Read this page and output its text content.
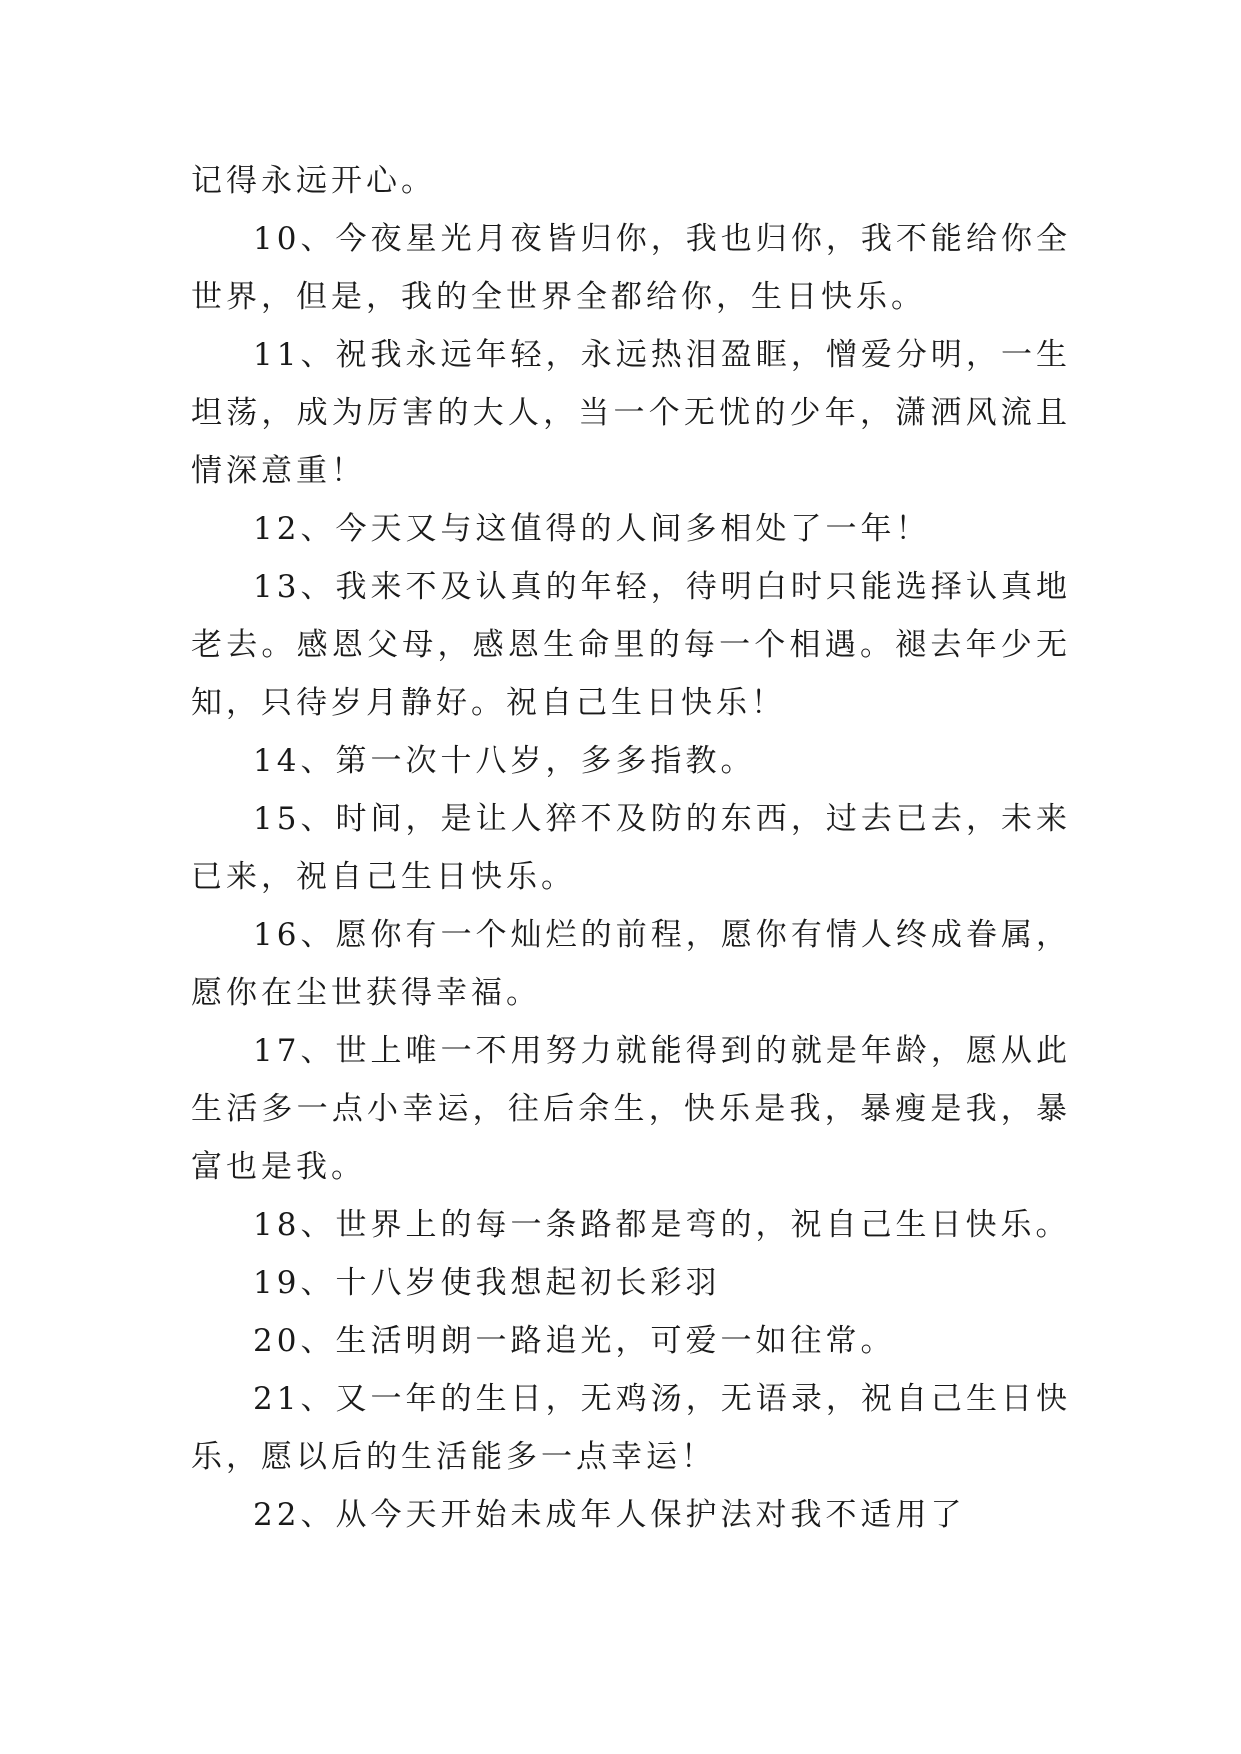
记得永远开心。

10、今夜星光月夜皆归你，我也归你，我不能给你全世界，但是，我的全世界全都给你，生日快乐。

11、祝我永远年轻，永远热泪盈眶，憎爱分明，一生坦荡，成为厉害的大人，当一个无忧的少年，潇洒风流且情深意重！

12、今天又与这值得的人间多相处了一年！

13、我来不及认真的年轻，待明白时只能选择认真地老去。感恩父母，感恩生命里的每一个相遇。褪去年少无知，只待岁月静好。祝自己生日快乐！

14、第一次十八岁，多多指教。

15、时间，是让人猝不及防的东西，过去已去，未来已来，祝自己生日快乐。

16、愿你有一个灿烂的前程，愿你有情人终成眷属，愿你在尘世获得幸福。

17、世上唯一不用努力就能得到的就是年龄，愿从此生活多一点小幸运，往后余生，快乐是我，暴瘦是我，暴富也是我。

18、世界上的每一条路都是弯的，祝自己生日快乐。

19、十八岁使我想起初长彩羽

20、生活明朗一路追光，可爱一如往常。

21、又一年的生日，无鸡汤，无语录，祝自己生日快乐，愿以后的生活能多一点幸运！

22、从今天开始未成年人保护法对我不适用了
